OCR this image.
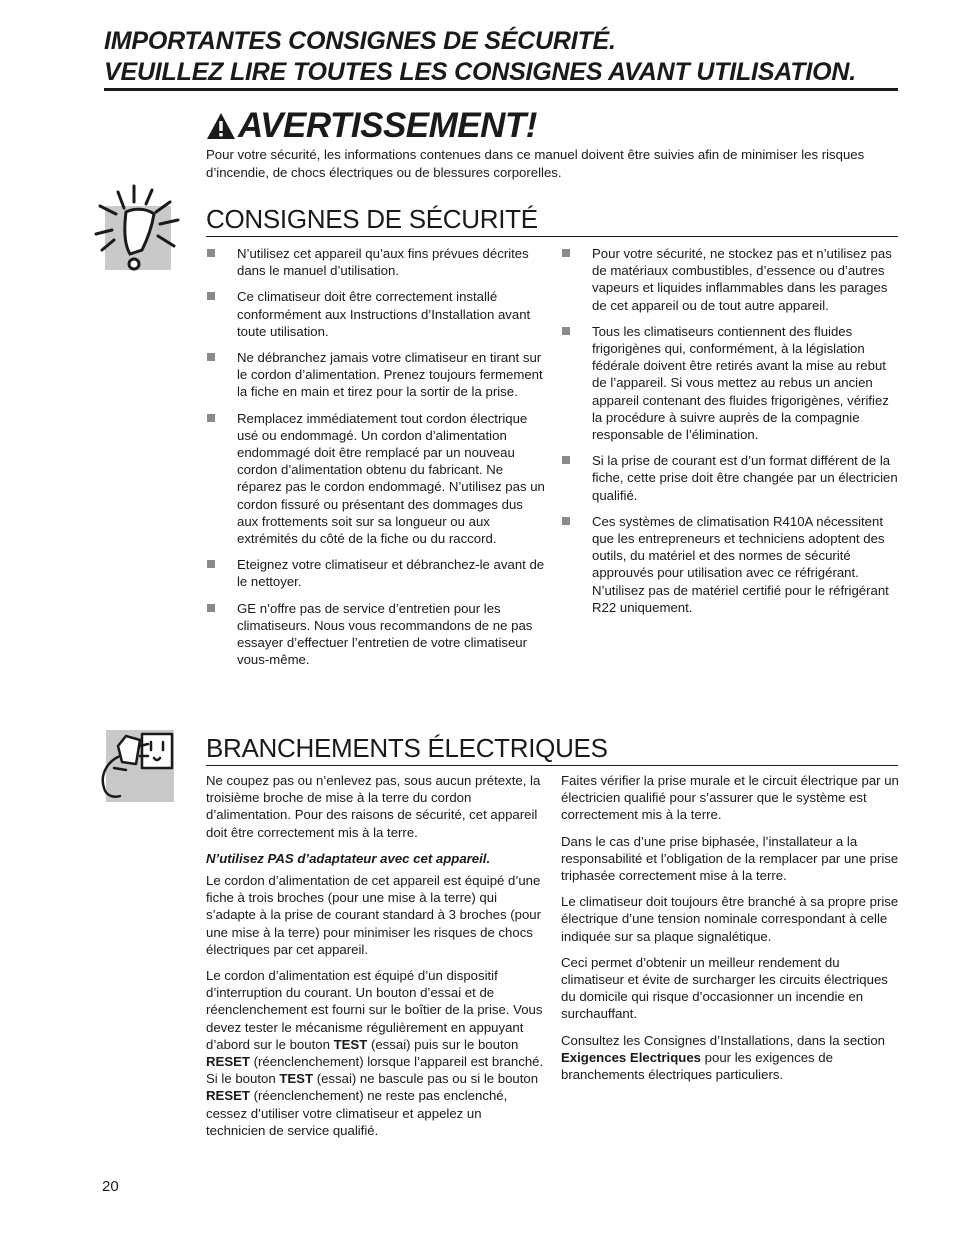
IMPORTANTES CONSIGNES DE SÉCURITÉ.
VEUILLEZ LIRE TOUTES LES CONSIGNES AVANT UTILISATION.
AVERTISSEMENT!
Pour votre sécurité, les informations contenues dans ce manuel doivent être suivies afin de minimiser les risques d’incendie, de chocs électriques ou de blessures corporelles.
CONSIGNES DE SÉCURITÉ
N’utilisez cet appareil qu’aux fins prévues décrites dans le manuel d’utilisation.
Ce climatiseur doit être correctement installé conformément aux Instructions d’Installation avant toute utilisation.
Ne débranchez jamais votre climatiseur en tirant sur le cordon d’alimentation. Prenez toujours fermement la fiche en main et tirez pour la sortir de la prise.
Remplacez immédiatement tout cordon électrique usé ou endommagé. Un cordon d’alimentation endommagé doit être remplacé par un nouveau cordon d’alimentation obtenu du fabricant. Ne réparez pas le cordon endommagé. N’utilisez pas un cordon fissuré ou présentant des dommages dus aux frottements soit sur sa longueur ou aux extrémités du côté de la fiche ou du raccord.
Eteignez votre climatiseur et débranchez-le avant de le nettoyer.
GE n’offre pas de service d’entretien pour les climatiseurs. Nous vous recommandons de ne pas essayer d’effectuer l’entretien de votre climatiseur vous-même.
Pour votre sécurité, ne stockez pas et n’utilisez pas de matériaux combustibles, d’essence ou d’autres vapeurs et liquides inflammables dans les parages de cet appareil ou de tout autre appareil.
Tous les climatiseurs contiennent des fluides frigorigènes qui, conformément, à la législation fédérale doivent être retirés avant la mise au rebut de l’appareil. Si vous mettez au rebus un ancien appareil contenant des fluides frigorigènes, vérifiez la procédure à suivre auprès de la compagnie responsable de l’élimination.
Si la prise de courant est d’un format différent de la fiche, cette prise doit être changée par un électricien qualifié.
Ces systèmes de climatisation R410A nécessitent que les entrepreneurs et techniciens adoptent des outils, du matériel et des normes de sécurité approuvés pour utilisation avec ce réfrigérant. N’utilisez pas de matériel certifié pour le réfrigérant R22 uniquement.
BRANCHEMENTS ÉLECTRIQUES

Ne coupez pas ou n’enlevez pas, sous aucun prétexte, la troisième broche de mise à la terre du cordon d’alimentation. Pour des raisons de sécurité, cet appareil doit être correctement mis à la terre.

N’utilisez PAS d’adaptateur avec cet appareil.

Le cordon d’alimentation de cet appareil est équipé d’une fiche à trois broches (pour une mise à la terre) qui s’adapte à la prise de courant standard à 3 broches (pour une mise à la terre) pour minimiser les risques de chocs électriques par cet appareil.

Le cordon d’alimentation est équipé d’un dispositif d’interruption du courant. Un bouton d’essai et de réenclenchement est fourni sur le boîtier de la prise. Vous devez tester le mécanisme régulièrement en appuyant d’abord sur le bouton TEST (essai) puis sur le bouton RESET (réenclenchement) lorsque l’appareil est branché. Si le bouton TEST (essai) ne bascule pas ou si le bouton RESET (réenclenchement) ne reste pas enclenché, cessez d’utiliser votre climatiseur et appelez un technicien de service qualifié.

Faites vérifier la prise murale et le circuit électrique par un électricien qualifié pour s’assurer que le système est correctement mis à la terre.

Dans le cas d’une prise biphasée, l’installateur a la responsabilité et l’obligation de la remplacer par une prise triphasée correctement mise à la terre.

Le climatiseur doit toujours être branché à sa propre prise électrique d’une tension nominale correspondant à celle indiquée sur sa plaque signalétique.

Ceci permet d’obtenir un meilleur rendement du climatiseur et évite de surcharger les circuits électriques du domicile qui risque d’occasionner un incendie en surchauffant.

Consultez les Consignes d’Installations, dans la section Exigences Electriques pour les exigences de branchements électriques particuliers.

20
